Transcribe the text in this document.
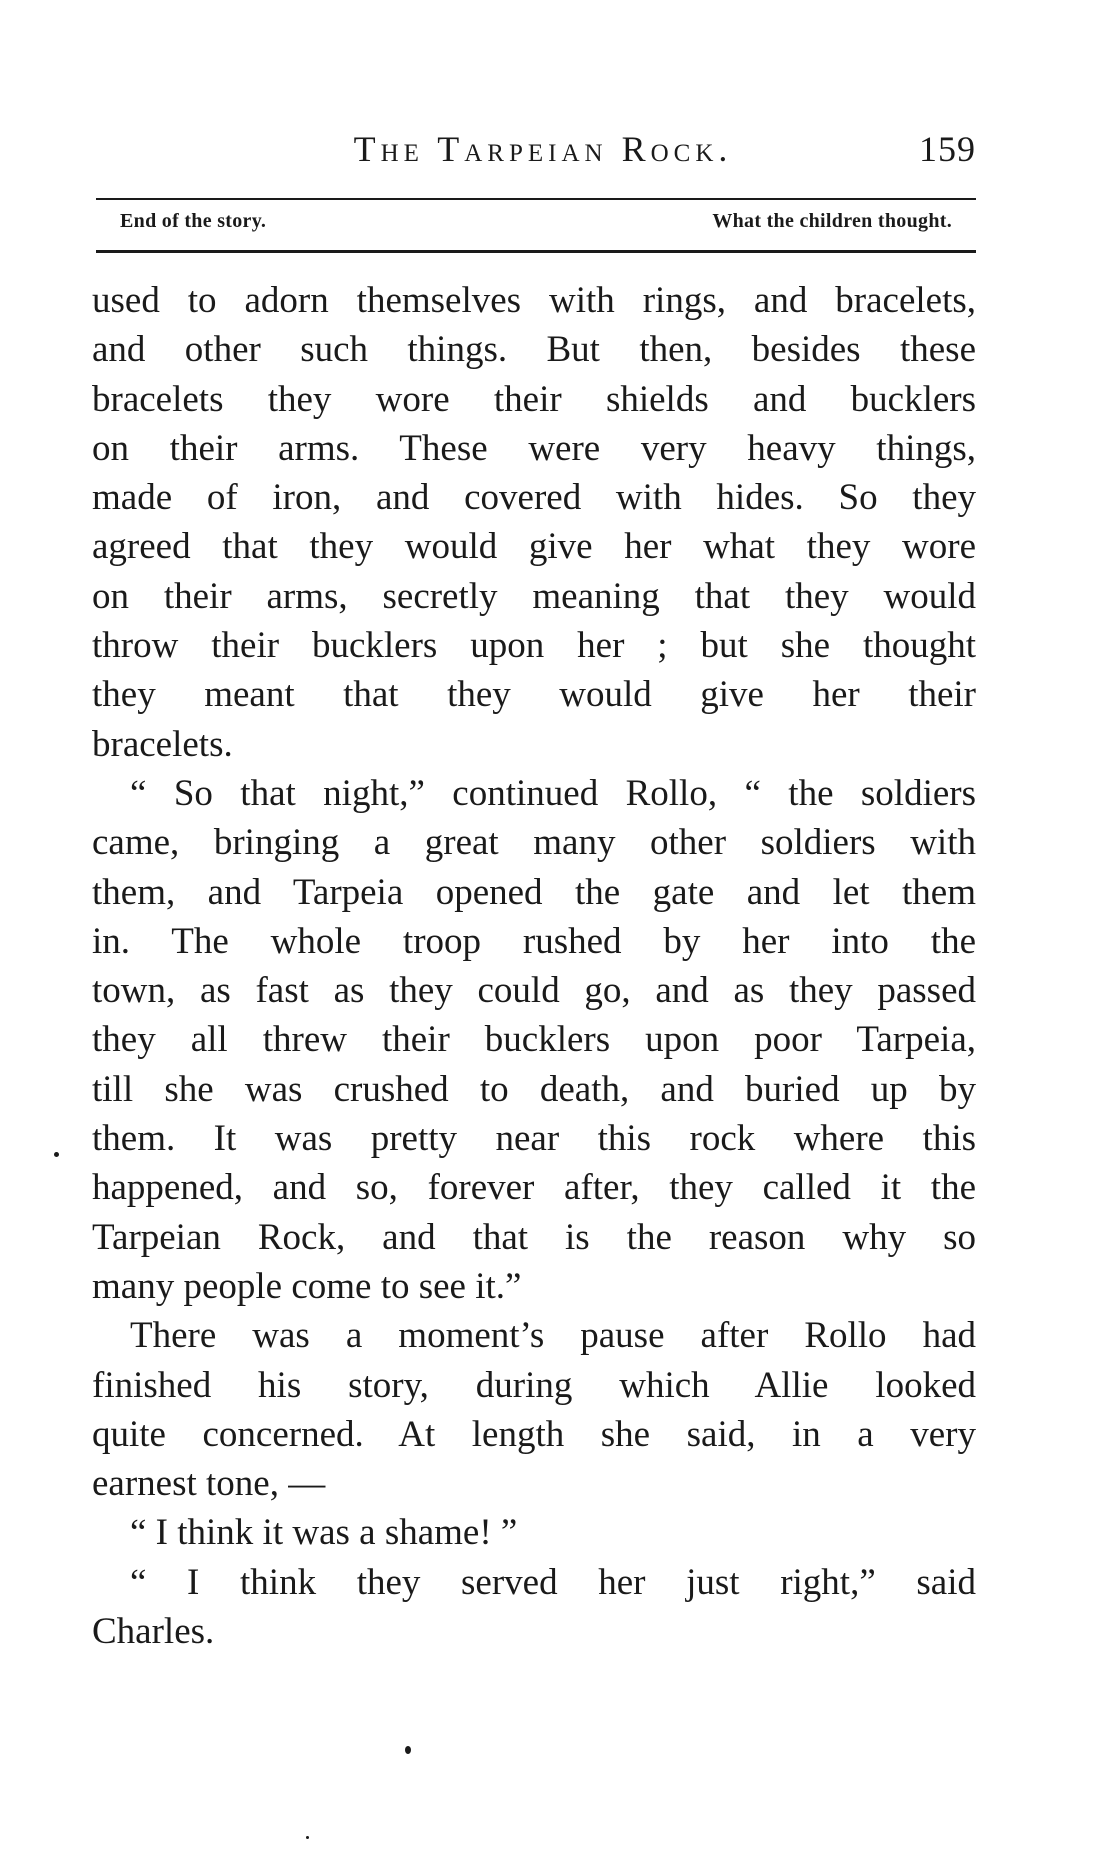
The Tarpeian Rock.	159
End of the story.	What the children thought.
used to adorn themselves with rings, and bracelets,
and other such things. But then, besides these
bracelets they wore their shields and bucklers
on their arms. These were very heavy things,
made of iron, and covered with hides. So they
agreed that they would give her what they wore
on their arms, secretly meaning that they would
throw their bucklers upon her ; but she thought
they meant that they would give her their
bracelets.
“ So that night,” continued Rollo, “ the soldiers
came, bringing a great many other soldiers with
them, and Tarpeia opened the gate and let them
in. The whole troop rushed by her into the
town, as fast as they could go, and as they passed
they all threw their bucklers upon poor Tarpeia,
till she was crushed to death, and buried up by
them. It was pretty near this rock where this
happened, and so, forever after, they called it the
Tarpeian Rock, and that is the reason why so
many people come to see it.”
There was a moment’s pause after Rollo had
finished his story, during which Allie looked
quite concerned. At length she said, in a very
earnest tone, —
“ I think it was a shame! ”
“ I think they served her just right,” said
Charles.
